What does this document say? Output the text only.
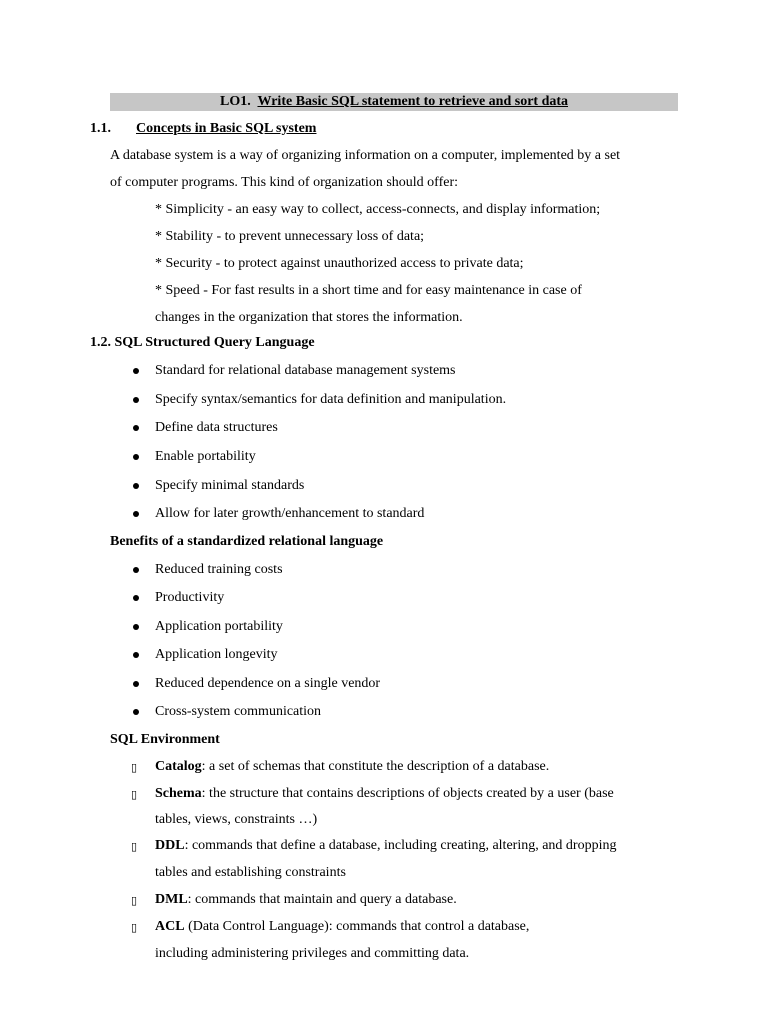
LO1. Write Basic SQL statement to retrieve and sort data
1.1. Concepts in Basic SQL system
A database system is a way of organizing information on a computer, implemented by a set
of computer programs. This kind of organization should offer:
* Simplicity - an easy way to collect, access-connects, and display information;
* Stability - to prevent unnecessary loss of data;
* Security - to protect against unauthorized access to private data;
* Speed - For fast results in a short time and for easy maintenance in case of
changes in the organization that stores the information.
1.2. SQL Structured Query Language
Standard for relational database management systems
Specify syntax/semantics for data definition and manipulation.
Define data structures
Enable portability
Specify minimal standards
Allow for later growth/enhancement to standard
Benefits of a standardized relational language
Reduced training costs
Productivity
Application portability
Application longevity
Reduced dependence on a single vendor
Cross-system communication
SQL Environment
▯ Catalog: a set of schemas that constitute the description of a database.
▯ Schema: the structure that contains descriptions of objects created by a user (base
tables, views, constraints …)
▯ DDL: commands that define a database, including creating, altering, and dropping
tables and establishing constraints
▯ DML: commands that maintain and query a database.
▯ ACL (Data Control Language): commands that control a database,
including administering privileges and committing data.
